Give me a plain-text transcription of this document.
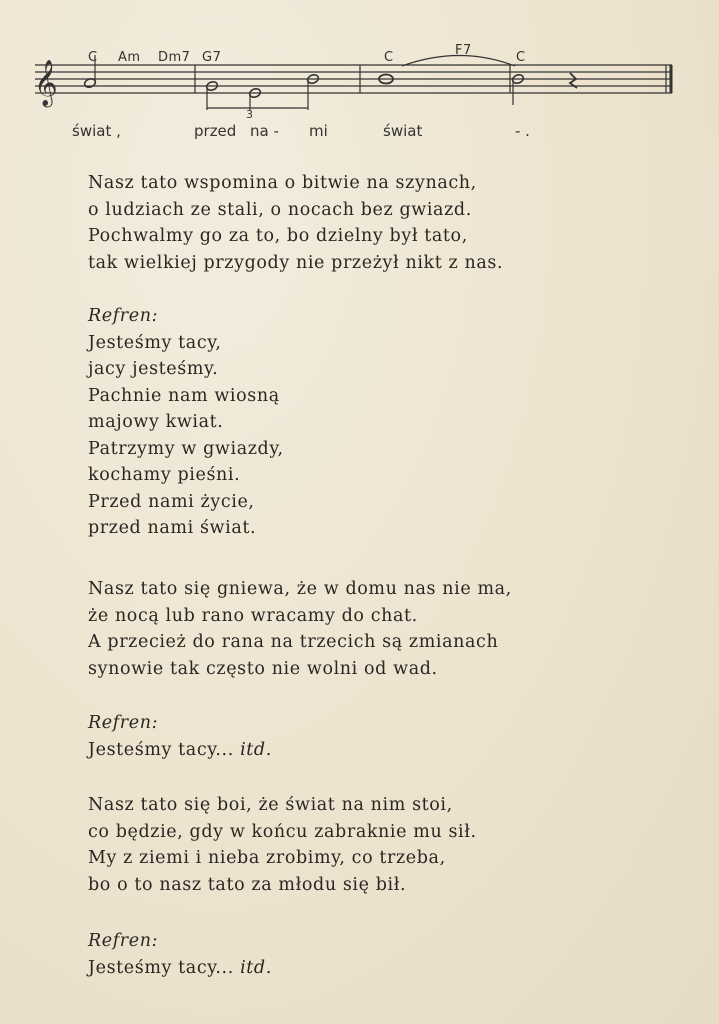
𝄞
C Am Dm7 G7	C	F7	C
3
świat ,	przed na - mi	świat	- .
Nasz tato wspomina o bitwie na szynach,
o ludziach ze stali, o nocach bez gwiazd.
Pochwalmy go za to, bo dzielny był tato,
tak wielkiej przygody nie przeżył nikt z nas.
Refren:
Jesteśmy tacy,
jacy jesteśmy.
Pachnie nam wiosną
majowy kwiat.
Patrzymy w gwiazdy,
kochamy pieśni.
Przed nami życie,
przed nami świat.
Nasz tato się gniewa, że w domu nas nie ma,
że nocą lub rano wracamy do chat.
A przecież do rana na trzecich są zmianach
synowie tak często nie wolni od wad.
Refren:
Jesteśmy tacy... itd.
Nasz tato się boi, że świat na nim stoi,
co będzie, gdy w końcu zabraknie mu sił.
My z ziemi i nieba zrobimy, co trzeba,
bo o to nasz tato za młodu się bił.
Refren:
Jesteśmy tacy... itd.
